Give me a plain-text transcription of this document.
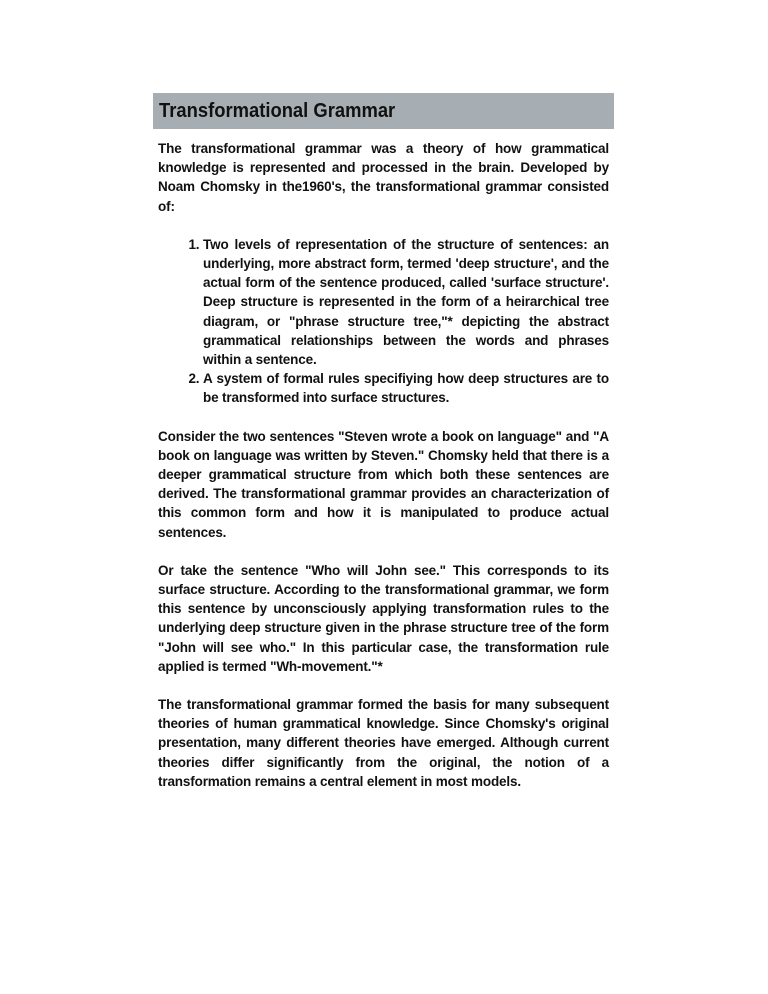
Transformational Grammar

The transformational grammar was a theory of how grammatical knowledge is represented and processed in the brain. Developed by Noam Chomsky in the1960's, the transformational grammar consisted of:

1. Two levels of representation of the structure of sentences: an underlying, more abstract form, termed 'deep structure', and the actual form of the sentence produced, called 'surface structure'. Deep structure is represented in the form of a heirarchical tree diagram, or "phrase structure tree,"* depicting the abstract grammatical relationships between the words and phrases within a sentence.
2. A system of formal rules specifiying how deep structures are to be transformed into surface structures.

Consider the two sentences "Steven wrote a book on language" and "A book on language was written by Steven." Chomsky held that there is a deeper grammatical structure from which both these sentences are derived. The transformational grammar provides an characterization of this common form and how it is manipulated to produce actual sentences.

Or take the sentence "Who will John see." This corresponds to its surface structure. According to the transformational grammar, we form this sentence by unconsciously applying transformation rules to the underlying deep structure given in the phrase structure tree of the form "John will see who." In this particular case, the transformation rule applied is termed "Wh-movement."*

The transformational grammar formed the basis for many subsequent theories of human grammatical knowledge. Since Chomsky's original presentation, many different theories have emerged. Although current theories differ significantly from the original, the notion of a transformation remains a central element in most models.
